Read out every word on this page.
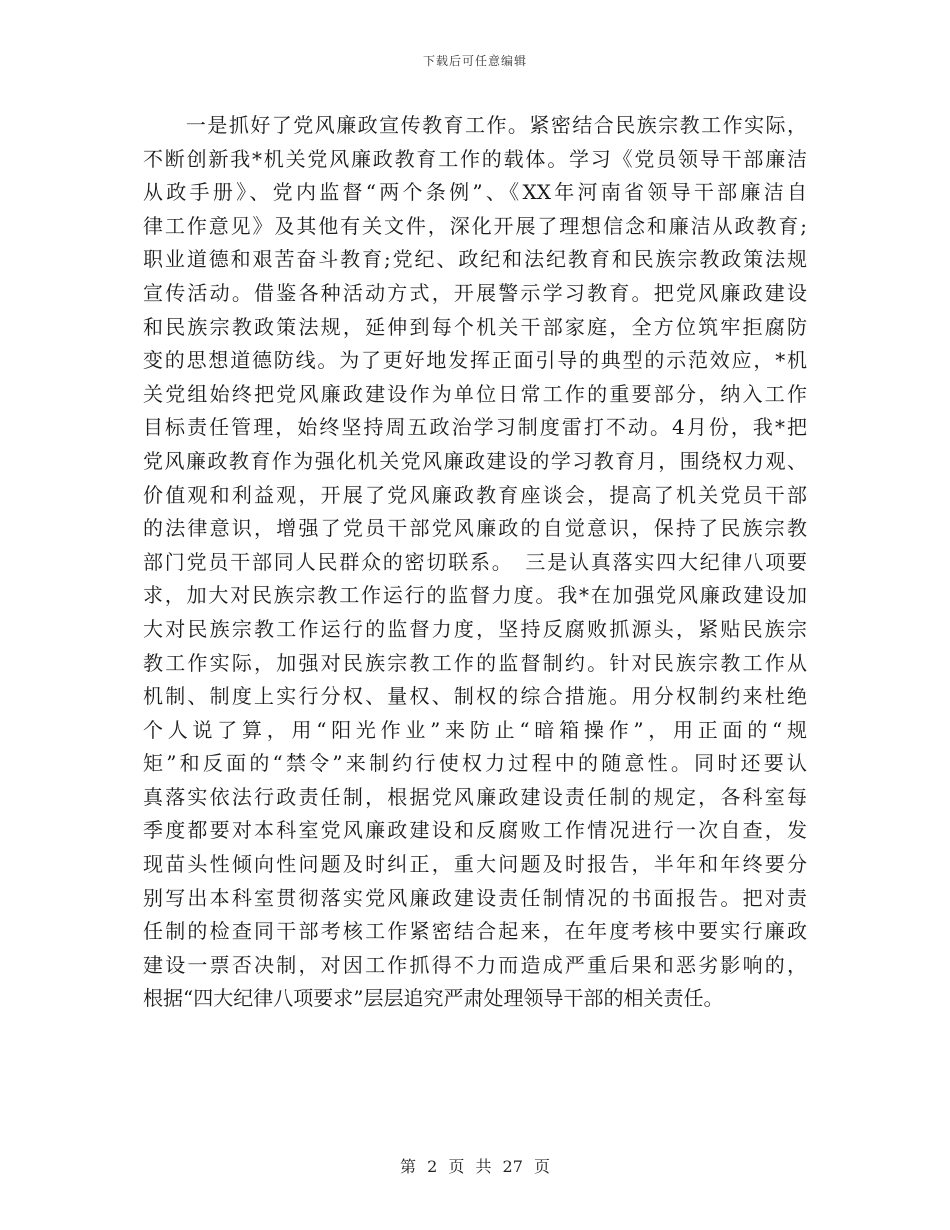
下载后可任意编辑
　　一是抓好了党风廉政宣传教育工作。紧密结合民族宗教工作实际，
不断创新我*机关党风廉政教育工作的载体。学习《党员领导干部廉洁
从政手册》、党内监督“两个条例”、《XX年河南省领导干部廉洁自
律工作意见》及其他有关文件，深化开展了理想信念和廉洁从政教育;
职业道德和艰苦奋斗教育;党纪、政纪和法纪教育和民族宗教政策法规
宣传活动。借鉴各种活动方式，开展警示学习教育。把党风廉政建设
和民族宗教政策法规，延伸到每个机关干部家庭，全方位筑牢拒腐防
变的思想道德防线。为了更好地发挥正面引导的典型的示范效应，*机
关党组始终把党风廉政建设作为单位日常工作的重要部分，纳入工作
目标责任管理，始终坚持周五政治学习制度雷打不动。4月份，我*把
党风廉政教育作为强化机关党风廉政建设的学习教育月，围绕权力观、
价值观和利益观，开展了党风廉政教育座谈会，提高了机关党员干部
的法律意识，增强了党员干部党风廉政的自觉意识，保持了民族宗教
部门党员干部同人民群众的密切联系。　三是认真落实四大纪律八项要
求，加大对民族宗教工作运行的监督力度。我*在加强党风廉政建设加
大对民族宗教工作运行的监督力度，坚持反腐败抓源头，紧贴民族宗
教工作实际，加强对民族宗教工作的监督制约。针对民族宗教工作从
机制、制度上实行分权、量权、制权的综合措施。用分权制约来杜绝
个人说了算，用“阳光作业”来防止“暗箱操作”，用正面的“规
矩”和反面的“禁令”来制约行使权力过程中的随意性。同时还要认
真落实依法行政责任制，根据党风廉政建设责任制的规定，各科室每
季度都要对本科室党风廉政建设和反腐败工作情况进行一次自查，发
现苗头性倾向性问题及时纠正，重大问题及时报告，半年和年终要分
别写出本科室贯彻落实党风廉政建设责任制情况的书面报告。把对责
任制的检查同干部考核工作紧密结合起来，在年度考核中要实行廉政
建设一票否决制，对因工作抓得不力而造成严重后果和恶劣影响的，
根据“四大纪律八项要求”层层追究严肃处理领导干部的相关责任。
第 2 页 共 27 页
